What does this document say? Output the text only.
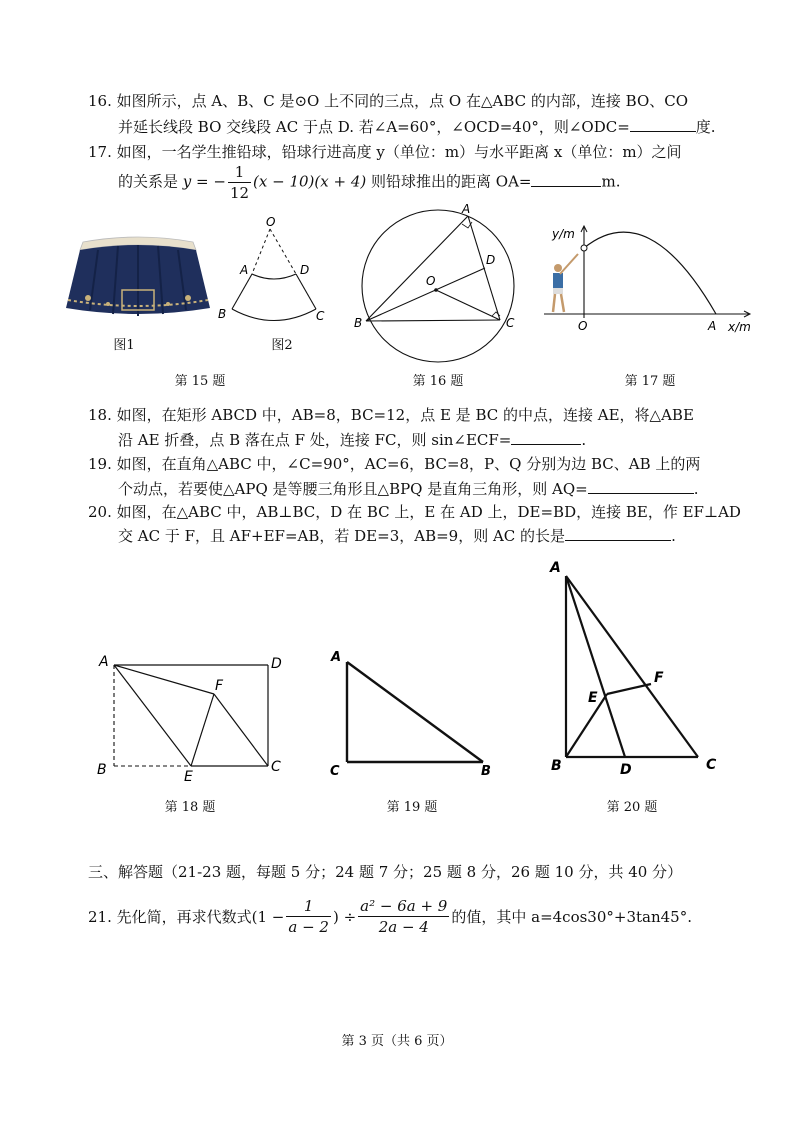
16. 如图所示，点 A、B、C 是⊙O 上不同的三点，点 O 在△ABC 的内部，连接 BO、CO
并延长线段 BO 交线段 AC 于点 D. 若∠A=60°，∠OCD=40°，则∠ODC=	度.
17. 如图，一名学生推铅球，铅球行进高度 y（单位：m）与水平距离 x（单位：m）之间
的关系是 y = − $\frac{1}{12} (x - 10)(x + 4)$ 则铅球推出的距离 OA=	m.
图1
O
A	D
B	C
图2
第 15 题
A
D
O
B	C
第 16 题
y/m
x/m
O	A
第 17 题
18. 如图，在矩形 ABCD 中，AB=8，BC=12，点 E 是 BC 的中点，连接 AE，将△ABE
沿 AE 折叠，点 B 落在点 F 处，连接 FC，则 sin∠ECF=	.
19. 如图，在直角△ABC 中，∠C=90°，AC=6，BC=8，P、Q 分别为边 BC、AB 上的两
个动点，若要使△APQ 是等腰三角形且△BPQ 是直角三角形，则 AQ=	.
20. 如图，在△ABC 中，AB⊥BC，D 在 BC 上，E 在 AD 上，DE=BD，连接 BE，作 EF⊥AD
交 AC 于 F，且 AF+EF=AB，若 DE=3，AB=9，则 AC 的长是	.
A	D
F
B	E
C
第 18 题
A
C	B
第 19 题
A
F
E
B	D	C
第 20 题
三、解答题（21-23 题，每题 5 分；24 题 7 分；25 题 8 分，26 题 10 分，共 40 分）
21. 先化简，再求代数式($1 - \frac{1}{a - 2}$ ) ÷ $\frac{\text{a² − 6a + 9}}{2a - 4}$ 的值，其中 a=4cos30°+3tan45°.
第 3 页（共 6 页）
